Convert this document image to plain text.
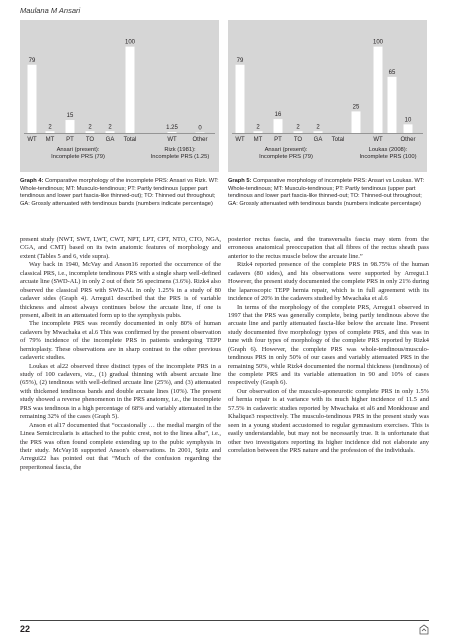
Maulana M Ansari
79
2
15
2	2
100
1.25	0
WT MT PT TO GA Total	WT	Other
Ansari (present):
Incomplete PRS (79)
Rizk (1981):
Incomplete PRS (1.25)
79
2
16
2	2
25
100
10
65
WT MT PT TO GA Total	WT	Other
Ansari (present):
Incomplete PRS (79)
Loukas (2008):
Incomplete PRS (100)
Graph 4: Comparative morphology of the incomplete PRS: Ansari vs Rizk. WT: Whole-tendinous; MT: Musculo-tendinous; PT: Partly tendinous (upper part tendinous and lower part fascia-like thinned-out); TO: Thinned out throughout; GA: Grossly attenuated with tendinous bands (numbers indicate percentage)
Graph 5: Comparative morphology of incomplete PRS: Ansari vs Loukas. WT: Whole-tendinous; MT: Musculo-tendinous; PT: Partly tendinous (upper part tendinous and lower part fascia-like thinned-out; TO: Thinned-out throughout; GA: Grossly attenuated with tendinous bands (numbers indicate percentage)

present study (NWT, SWT, LWT, CWT, NPT, LPT, CPT, NTO, CTO, NGA, CGA, and CMT) based on its twin anatomic features of morphology and extent (Tables 5 and 6, vide supra).

Way back in 1940, McVay and Anson16 reported the occurrence of the classical PRS, i.e., incomplete tendinous PRS with a single sharp well-defined arcuate line (SWD-AL) in only 2 out of their 56 specimens (3.6%). Rizk4 also observed the classical PRS with SWD-AL in only 1.25% in a study of 80 cadaver sides (Graph 4). Arregui1 described that the PRS is of variable thickness and almost always continues below the arcuate line, if one is present, albeit in an attenuated form up to the symphysis pubis.

The incomplete PRS was recently documented in only 80% of human cadavers by Mwachaka et al.6 This was confirmed by the present observation of 79% incidence of the incomplete PRS in patients undergoing TEPP hernioplasty. These observations are in sharp contrast to the other previous cadaveric studies.

Loukas et al22 observed three distinct types of the incomplete PRS in a study of 100 cadavers, viz., (1) gradual thinning with absent arcuate line (65%), (2) tendinous with well-defined arcuate line (25%), and (3) attenuated with thickened tendinous bands and double arcuate lines (10%). The present study showed a reverse phenomenon in the PRS anatomy, i.e., the incomplete PRS was tendinous in a high percentage of 68% and variably attenuated in the remaining 32% of the cases (Graph 5).

Anson et al17 documented that “occasionally … the medial margin of the Linea Semicircularis is attached to the pubic crest, not to the linea alba”, i.e., the PRS was often found complete extending up to the pubic symphysis in their study. McVay18 supported Anson's observations. In 2001, Spitz and Arregui22 has pointed out that “Much of the confusion regarding the preperitoneal fascia, the

posterior rectus fascia, and the transversalis fascia may stem from the erroneous anatomical preoccupation that all fibres of the rectus sheath pass anterior to the rectus muscle below the arcuate line.”

Rizk4 reported presence of the complete PRS in 98.75% of the human cadavers (80 sides), and his observations were supported by Arregui.1 However, the present study documented the complete PRS in only 21% during the laparoscopic TEPP hernia repair, which is in full agreement with its incidence of 20% in the cadavers studied by Mwachaka et al.6

In terms of the morphology of the complete PRS, Arregui1 observed in 1997 that the PRS was generally complete, being partly tendinous above the arcuate line and partly attenuated fascia-like below the arcuate line. Present study documented five morphology types of complete PRS, and this was in tune with four types of morphology of the complete PRS reported by Rizk4 (Graph 6). However, the complete PRS was whole-tendinous/musculo-tendinous PRS in only 50% of our cases and variably attenuated PRS in the remaining 50%, while Rizk4 documented the normal thickness (tendinous) of the complete PRS and its variable attenuation in 90 and 10% of cases respectively (Graph 6).

Our observation of the musculo-aponeurotic complete PRS in only 1.5% of hernia repair is at variance with its much higher incidence of 11.5 and 57.5% in cadaveric studies reported by Mwachaka et al6 and Monkhouse and Khalique3 respectively. The musculo-tendinous PRS in the present study was seen in a young student accustomed to regular gymnasium exercises. This is easily understandable, but may not be necessarily true. It is unfortunate that other two investigators reporting its higher incidence did not elaborate any correlation between the PRS nature and the profession of the individuals.

22
